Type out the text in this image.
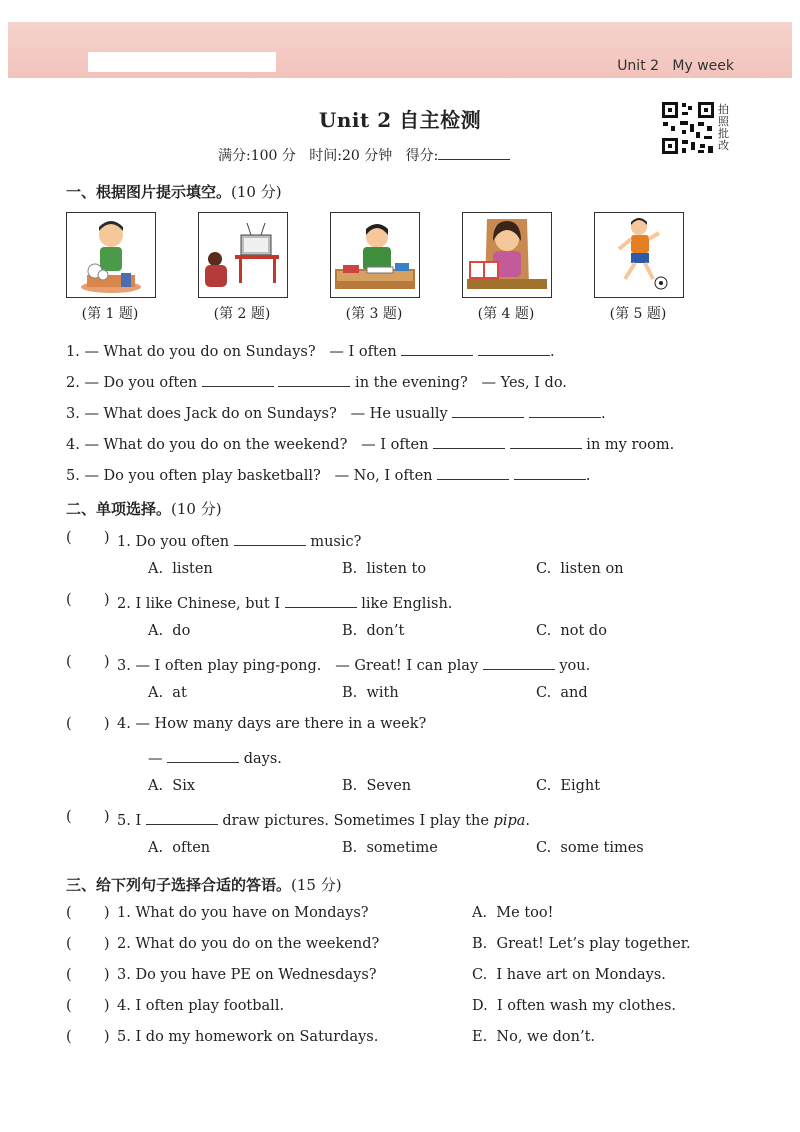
Unit 2   My week
Unit 2 自主检测
满分:100 分 时间:20 分钟 得分:
拍照批改
一、根据图片提示填空。(10 分)
(第 1 题)	(第 2 题)	(第 3 题)	(第 4 题)	(第 5 题)
1. — What do you do on Sundays?   — I often	.
2. — Do you often	in the evening?   — Yes, I do.
3. — What does Jack do on Sundays?   — He usually	.
4. — What do you do on the weekend?   — I often	in my room.
5. — Do you often play basketball?   — No, I often	.
二、单项选择。(10 分)
(       ) 1. Do you often	music?
A.  listen	B.  listen to	C.  listen on
(       ) 2. I like Chinese, but I	like English.
A.  do	B.  don’t	C.  not do
(       ) 3. — I often play ping-pong.   — Great! I can play	you.
A.  at	B.  with	C.  and
(       ) 4. — How many days are there in a week?
—	days.
A.  Six	B.  Seven	C.  Eight
(       ) 5. I	draw pictures. Sometimes I play the pipa.
A.  often	B.  sometime	C.  some times
三、给下列句子选择合适的答语。(15 分)
(       ) 1. What do you have on Mondays?	A.  Me too!
(       ) 2. What do you do on the weekend?	B.  Great! Let’s play together.
(       ) 3. Do you have PE on Wednesdays?	C.  I have art on Mondays.
(       ) 4. I often play football.	D.  I often wash my clothes.
(       ) 5. I do my homework on Saturdays.	E.  No, we don’t.
